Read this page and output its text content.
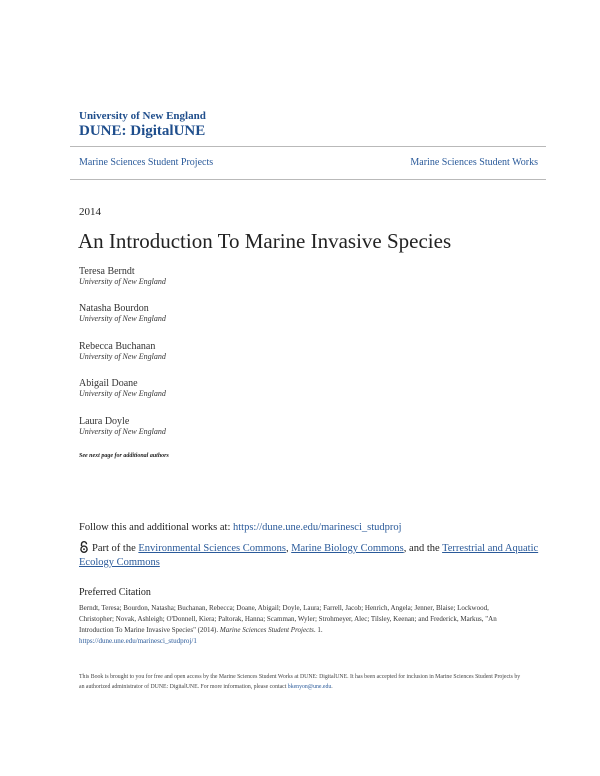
University of New England
DUNE: DigitalUNE
Marine Sciences Student Projects	Marine Sciences Student Works
2014
An Introduction To Marine Invasive Species
Teresa Berndt
University of New England
Natasha Bourdon
University of New England
Rebecca Buchanan
University of New England
Abigail Doane
University of New England
Laura Doyle
University of New England
See next page for additional authors
Follow this and additional works at: https://dune.une.edu/marinesci_studproj
Part of the Environmental Sciences Commons, Marine Biology Commons, and the Terrestrial and Aquatic Ecology Commons
Preferred Citation
Berndt, Teresa; Bourdon, Natasha; Buchanan, Rebecca; Doane, Abigail; Doyle, Laura; Farrell, Jacob; Henrich, Angela; Jenner, Blaise; Lockwood, Christopher; Novak, Ashleigh; O'Donnell, Kiera; Paltorak, Hanna; Scamman, Wyler; Strohmeyer, Alec; Tilsley, Keenan; and Frederick, Markus, "An Introduction To Marine Invasive Species" (2014). Marine Sciences Student Projects. 1.
https://dune.une.edu/marinesci_studproj/1
This Book is brought to you for free and open access by the Marine Sciences Student Works at DUNE: DigitalUNE. It has been accepted for inclusion in Marine Sciences Student Projects by an authorized administrator of DUNE: DigitalUNE. For more information, please contact bkenyon@une.edu.
